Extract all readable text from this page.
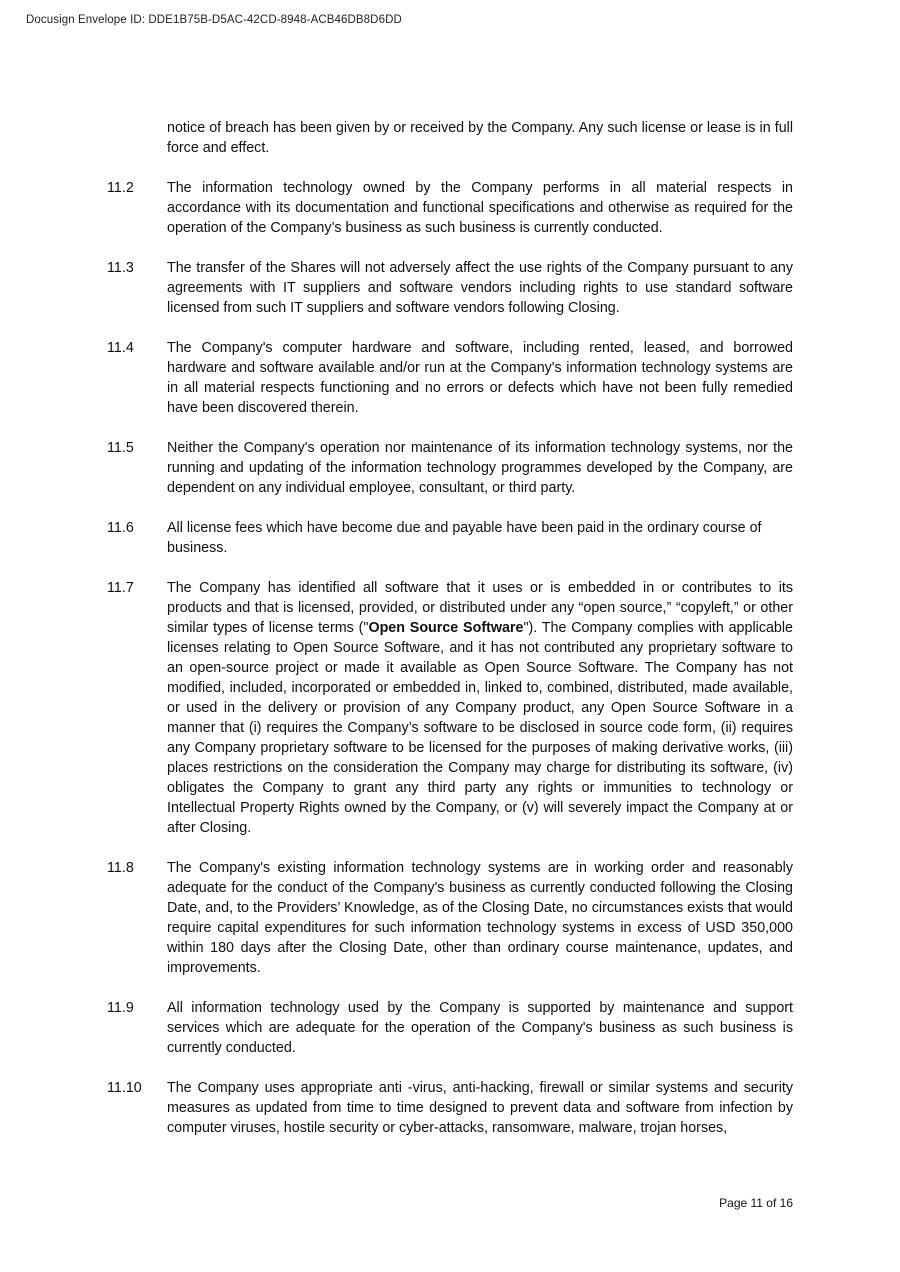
Docusign Envelope ID: DDE1B75B-D5AC-42CD-8948-ACB46DB8D6DD
notice of breach has been given by or received by the Company. Any such license or lease is in full force and effect.
11.2	The information technology owned by the Company performs in all material respects in accordance with its documentation and functional specifications and otherwise as required for the operation of the Company’s business as such business is currently conducted.
11.3	The transfer of the Shares will not adversely affect the use rights of the Company pursuant to any agreements with IT suppliers and software vendors including rights to use standard software licensed from such IT suppliers and software vendors following Closing.
11.4	The Company's computer hardware and software, including rented, leased, and borrowed hardware and software available and/or run at the Company's information technology systems are in all material respects functioning and no errors or defects which have not been fully remedied have been discovered therein.
11.5	Neither the Company's operation nor maintenance of its information technology systems, nor the running and updating of the information technology programmes developed by the Company, are dependent on any individual employee, consultant, or third party.
11.6	All license fees which have become due and payable have been paid in the ordinary course of business.
11.7	The Company has identified all software that it uses or is embedded in or contributes to its products and that is licensed, provided, or distributed under any “open source,” “copyleft,” or other similar types of license terms ("Open Source Software"). The Company complies with applicable licenses relating to Open Source Software, and it has not contributed any proprietary software to an open-source project or made it available as Open Source Software. The Company has not modified, included, incorporated or embedded in, linked to, combined, distributed, made available, or used in the delivery or provision of any Company product, any Open Source Software in a manner that (i) requires the Company’s software to be disclosed in source code form, (ii) requires any Company proprietary software to be licensed for the purposes of making derivative works, (iii) places restrictions on the consideration the Company may charge for distributing its software, (iv) obligates the Company to grant any third party any rights or immunities to technology or Intellectual Property Rights owned by the Company, or (v) will severely impact the Company at or after Closing.
11.8	The Company's existing information technology systems are in working order and reasonably adequate for the conduct of the Company's business as currently conducted following the Closing Date, and, to the Providers’ Knowledge, as of the Closing Date, no circumstances exists that would require capital expenditures for such information technology systems in excess of USD 350,000 within 180 days after the Closing Date, other than ordinary course maintenance, updates, and improvements.
11.9	All information technology used by the Company is supported by maintenance and support services which are adequate for the operation of the Company's business as such business is currently conducted.
11.10	The Company uses appropriate anti -virus, anti-hacking, firewall or similar systems and security measures as updated from time to time designed to prevent data and software from infection by computer viruses, hostile security or cyber-attacks, ransomware, malware, trojan horses,
Page 11 of 16
